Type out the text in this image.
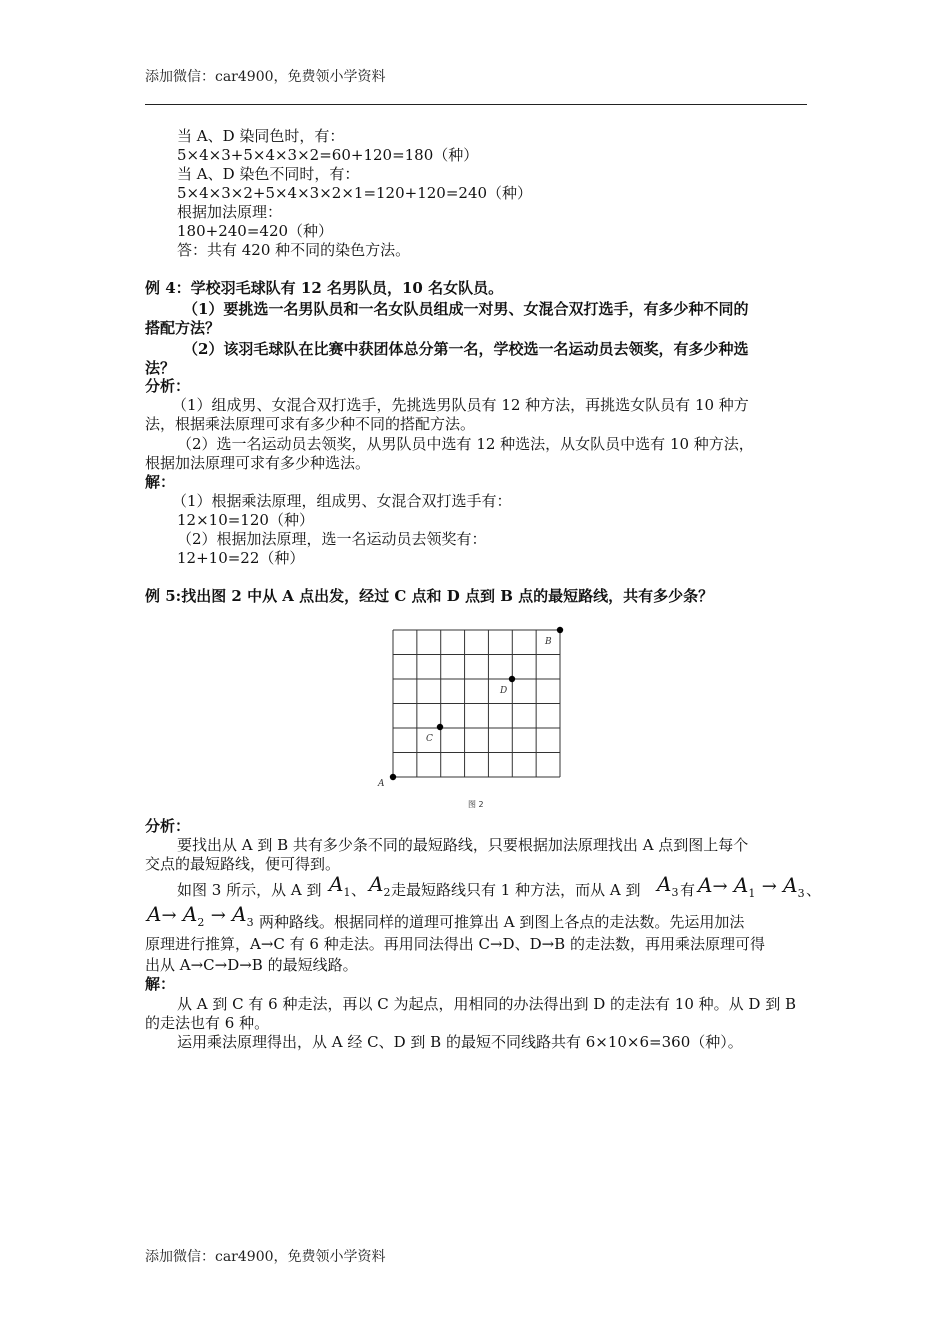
添加微信：car4900，免费领小学资料
当 A、D 染同色时，有：
5×4×3+5×4×3×2=60+120=180（种）
当 A、D 染色不同时，有：
5×4×3×2+5×4×3×2×1=120+120=240（种）
根据加法原理：
180+240=420（种）
答：共有 420 种不同的染色方法。
例 4：学校羽毛球队有 12 名男队员，10 名女队员。
（1）要挑选一名男队员和一名女队员组成一对男、女混合双打选手，有多少种不同的
搭配方法？
（2）该羽毛球队在比赛中获团体总分第一名，学校选一名运动员去领奖，有多少种选
法？
分析：
（1）组成男、女混合双打选手，先挑选男队员有 12 种方法，再挑选女队员有 10 种方
法，根据乘法原理可求有多少种不同的搭配方法。
（2）选一名运动员去领奖，从男队员中选有 12 种选法，从女队员中选有 10 种方法，
根据加法原理可求有多少种选法。
解：
（1）根据乘法原理，组成男、女混合双打选手有：
12×10=120（种）
（2）根据加法原理，选一名运动员去领奖有：
12+10=22（种）
例 5:找出图 2 中从 A 点出发，经过 C 点和 D 点到 B 点的最短路线，共有多少条？
A
B
C
D
图 2
分析：
要找出从 A 到 B 共有多少条不同的最短路线，只要根据加法原理找出 A 点到图上每个
交点的最短路线，便可得到。
如图 3 所示，从 A 到 $A_1$ 、 $A_2$ 走最短路线只有 1 种方法，而从 A 到 $A_3$ 有 $A\to A_1 \to A_3$ 、
$A\to A_2 \to A_3$ 两种路线。根据同样的道理可推算出 A 到图上各点的走法数。先运用加法
原理进行推算，A→C 有 6 种走法。再用同法得出 C→D、D→B 的走法数，再用乘法原理可得
出从 A→C→D→B 的最短线路。
解：
从 A 到 C 有 6 种走法，再以 C 为起点，用相同的办法得出到 D 的走法有 10 种。从 D 到 B
的走法也有 6 种。
运用乘法原理得出，从 A 经 C、D 到 B 的最短不同线路共有 6×10×6=360（种）。
添加微信：car4900，免费领小学资料
